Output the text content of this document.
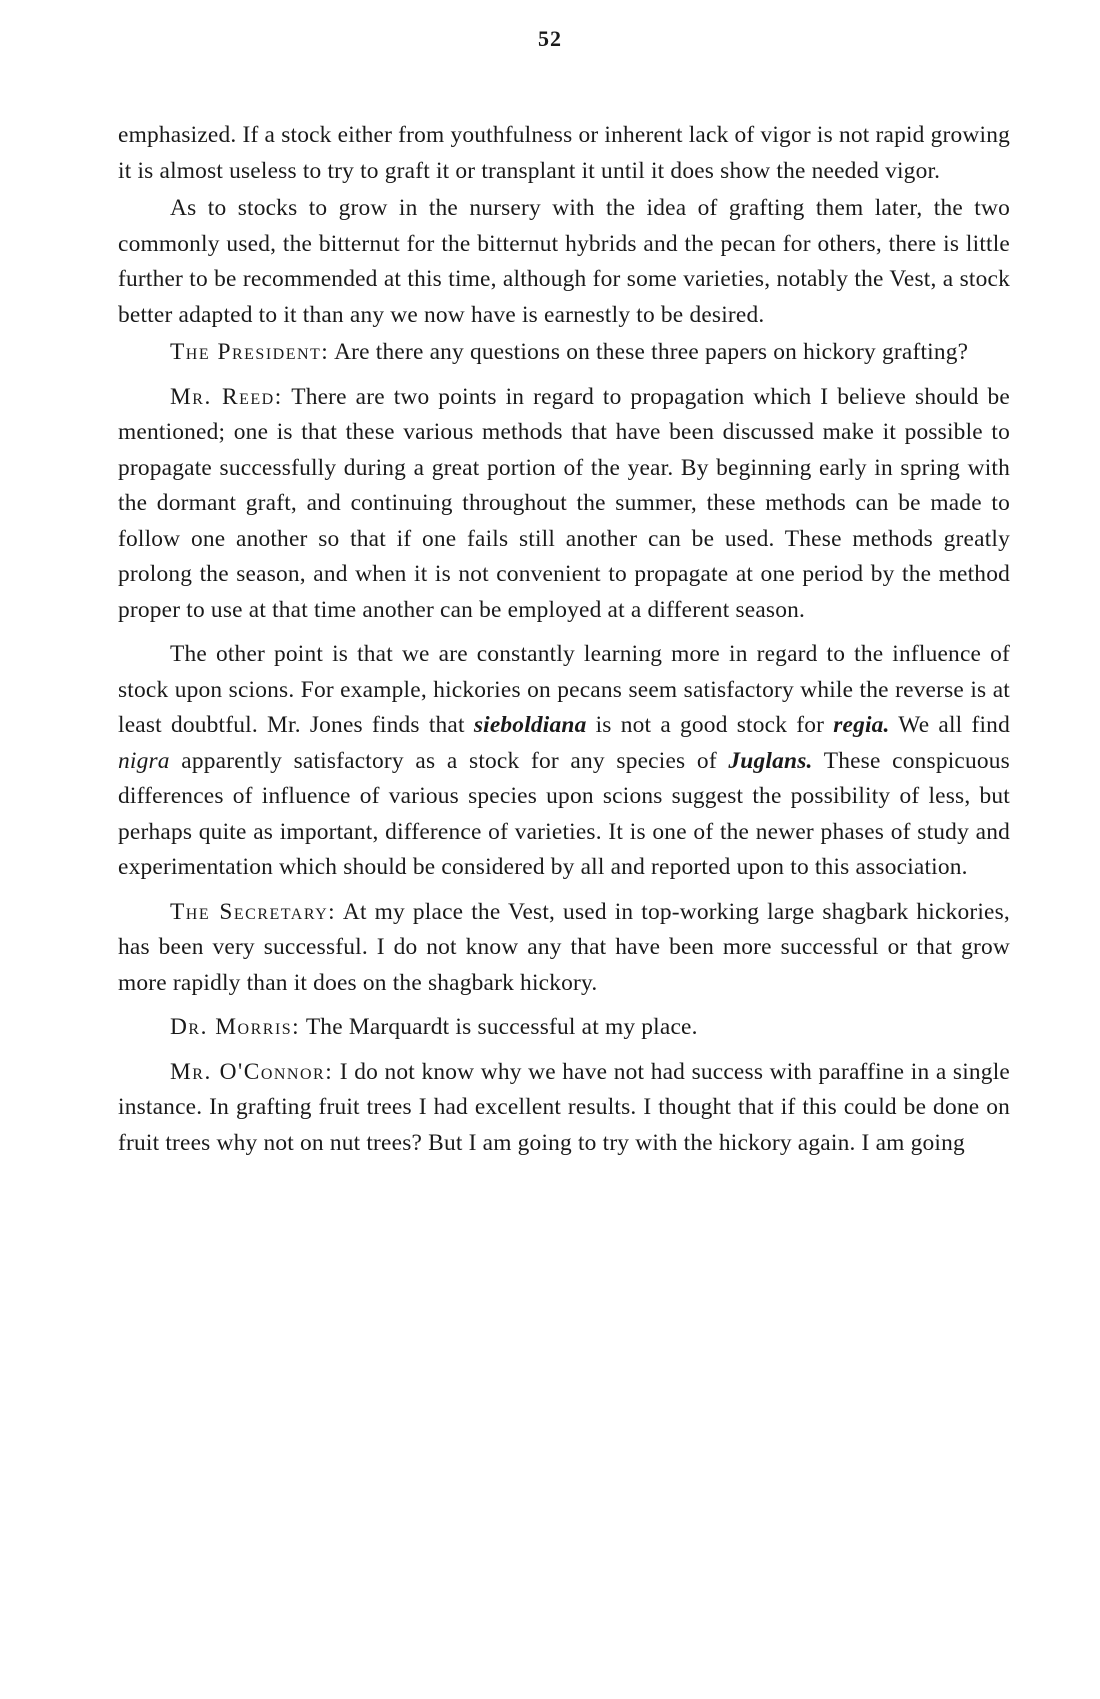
52

emphasized. If a stock either from youthfulness or inherent lack of vigor is not rapid growing it is almost useless to try to graft it or transplant it until it does show the needed vigor.

As to stocks to grow in the nursery with the idea of grafting them later, the two commonly used, the bitternut for the bitternut hybrids and the pecan for others, there is little further to be recommended at this time, although for some varieties, notably the Vest, a stock better adapted to it than any we now have is earnestly to be desired.

The President: Are there any questions on these three papers on hickory grafting?

Mr. Reed: There are two points in regard to propagation which I believe should be mentioned; one is that these various methods that have been discussed make it possible to propagate successfully during a great portion of the year. By beginning early in spring with the dormant graft, and continuing throughout the summer, these methods can be made to follow one another so that if one fails still another can be used. These methods greatly prolong the season, and when it is not convenient to propagate at one period by the method proper to use at that time another can be employed at a different season.

The other point is that we are constantly learning more in regard to the influence of stock upon scions. For example, hickories on pecans seem satisfactory while the reverse is at least doubtful. Mr. Jones finds that sieboldiana is not a good stock for regia. We all find nigra apparently satisfactory as a stock for any species of Juglans. These conspicuous differences of influence of various species upon scions suggest the possibility of less, but perhaps quite as important, difference of varieties. It is one of the newer phases of study and experimentation which should be considered by all and reported upon to this association.

The Secretary: At my place the Vest, used in top-working large shagbark hickories, has been very successful. I do not know any that have been more successful or that grow more rapidly than it does on the shagbark hickory.

Dr. Morris: The Marquardt is successful at my place.

Mr. O'Connor: I do not know why we have not had success with paraffine in a single instance. In grafting fruit trees I had excellent results. I thought that if this could be done on fruit trees why not on nut trees? But I am going to try with the hickory again. I am going
